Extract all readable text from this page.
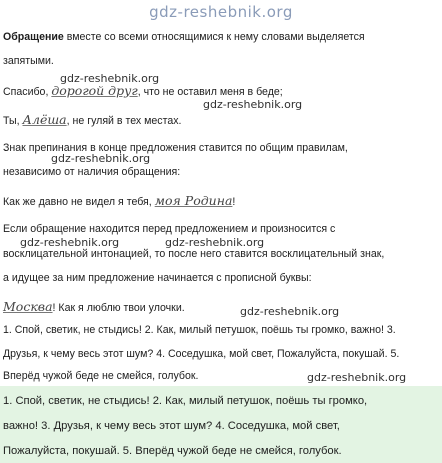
gdz-reshebnik.org
Обращение вместе со всеми относящимися к нему словами выделяется
запятыми.
gdz-reshebnik.org
Спасибо, дорогой друг, что не оставил меня в беде;
gdz-reshebnik.org
Ты, Алёша, не гуляй в тех местах.
Знак препинания в конце предложения ставится по общим правилам,
gdz-reshebnik.org
независимо от наличия обращения:
Как же давно не видел я тебя, моя Родина!
Если обращение находится перед предложением и произносится с
gdz-reshebnik.org	gdz-reshebnik.org
восклицательной интонацией, то после него ставится восклицательный знак,
а идущее за ним предложение начинается с прописной буквы:
Москва! Как я люблю твои улочки.	gdz-reshebnik.org
1. Спой, светик, не стыдись! 2. Как, милый петушок, поёшь ты громко, важно! 3.
Друзья, к чему весь этот шум? 4. Соседушка, мой свет, Пожалуйста, покушай. 5.
Вперёд чужой беде не смейся, голубок.	gdz-reshebnik.org
1. Спой, светик, не стыдись! 2. Как, милый петушок, поёшь ты громко,
важно! 3. Друзья, к чему весь этот шум? 4. Соседушка, мой свет,
Пожалуйста, покушай. 5. Вперёд чужой беде не смейся, голубок.
